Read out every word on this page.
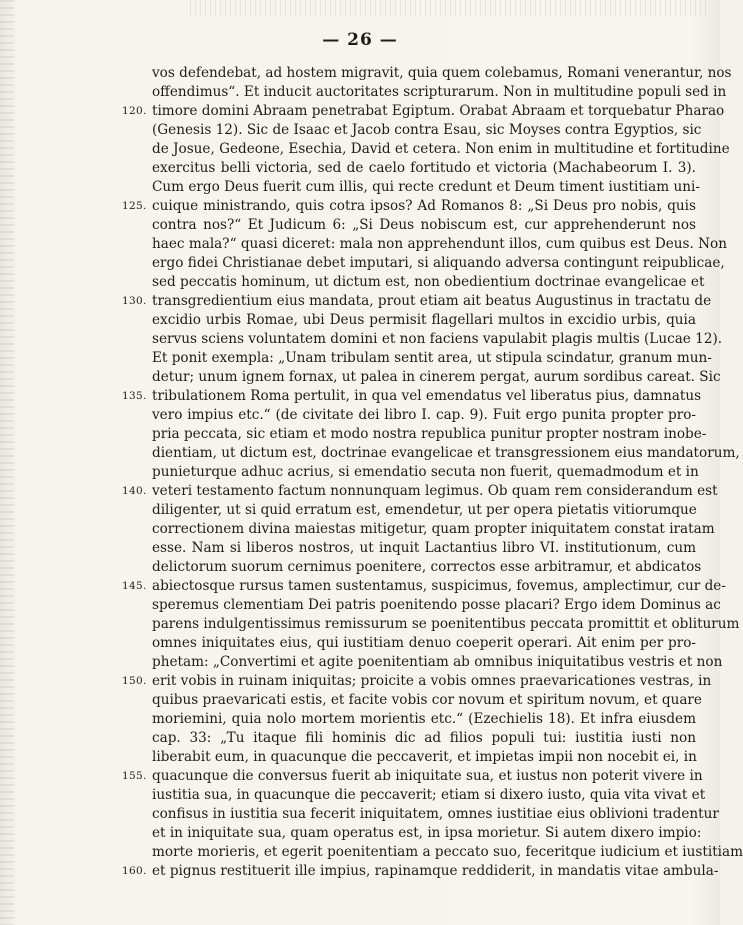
— 26 —
vos defendebat, ad hostem migravit, quia quem colebamus, Romani venerantur, nos
offendimus“. Et inducit auctoritates scripturarum. Non in multitudine populi sed in
120. timore domini Abraam penetrabat Egiptum. Orabat Abraam et torquebatur Pharao
(Genesis 12). Sic de Isaac et Jacob contra Esau, sic Moyses contra Egyptios, sic
de Josue, Gedeone, Esechia, David et cetera. Non enim in multitudine et fortitudine
exercitus belli victoria, sed de caelo fortitudo et victoria (Machabeorum I. 3).
Cum ergo Deus fuerit cum illis, qui recte credunt et Deum timent iustitiam uni-
125. cuique ministrando, quis cotra ipsos? Ad Romanos 8: „Si Deus pro nobis, quis
contra nos?“ Et Judicum 6: „Si Deus nobiscum est, cur apprehenderunt nos
haec mala?“ quasi diceret: mala non apprehendunt illos, cum quibus est Deus. Non
ergo fidei Christianae debet imputari, si aliquando adversa contingunt reipublicae,
sed peccatis hominum, ut dictum est, non obedientium doctrinae evangelicae et
130. transgredientium eius mandata, prout etiam ait beatus Augustinus in tractatu de
excidio urbis Romae, ubi Deus permisit flagellari multos in excidio urbis, quia
servus sciens voluntatem domini et non faciens vapulabit plagis multis (Lucae 12).
Et ponit exempla: „Unam tribulam sentit area, ut stipula scindatur, granum mun-
detur; unum ignem fornax, ut palea in cinerem pergat, aurum sordibus careat. Sic
135. tribulationem Roma pertulit, in qua vel emendatus vel liberatus pius, damnatus
vero impius etc.“ (de civitate dei libro I. cap. 9). Fuit ergo punita propter pro-
pria peccata, sic etiam et modo nostra republica punitur propter nostram inobe-
dientiam, ut dictum est, doctrinae evangelicae et transgressionem eius mandatorum,
punieturque adhuc acrius, si emendatio secuta non fuerit, quemadmodum et in
140. veteri testamento factum nonnunquam legimus. Ob quam rem considerandum est
diligenter, ut si quid erratum est, emendetur, ut per opera pietatis vitiorumque
correctionem divina maiestas mitigetur, quam propter iniquitatem constat iratam
esse. Nam si liberos nostros, ut inquit Lactantius libro VI. institutionum, cum
delictorum suorum cernimus poenitere, correctos esse arbitramur, et abdicatos
145. abiectosque rursus tamen sustentamus, suspicimus, fovemus, amplectimur, cur de-
speremus clementiam Dei patris poenitendo posse placari? Ergo idem Dominus ac
parens indulgentissimus remissurum se poenitentibus peccata promittit et obliturum
omnes iniquitates eius, qui iustitiam denuo coeperit operari. Ait enim per pro-
phetam: „Convertimi et agite poenitentiam ab omnibus iniquitatibus vestris et non
150. erit vobis in ruinam iniquitas; proicite a vobis omnes praevaricationes vestras, in
quibus praevaricati estis, et facite vobis cor novum et spiritum novum, et quare
moriemini, quia nolo mortem morientis etc.“ (Ezechielis 18). Et infra eiusdem
cap. 33: „Tu itaque fili hominis dic ad filios populi tui: iustitia iusti non
liberabit eum, in quacunque die peccaverit, et impietas impii non nocebit ei, in
155. quacunque die conversus fuerit ab iniquitate sua, et iustus non poterit vivere in
iustitia sua, in quacunque die peccaverit; etiam si dixero iusto, quia vita vivat et
confisus in iustitia sua fecerit iniquitatem, omnes iustitiae eius oblivioni tradentur
et in iniquitate sua, quam operatus est, in ipsa morietur. Si autem dixero impio:
morte morieris, et egerit poenitentiam a peccato suo, feceritque iudicium et iustitiam
160. et pignus restituerit ille impius, rapinamque reddiderit, in mandatis vitae ambula-
